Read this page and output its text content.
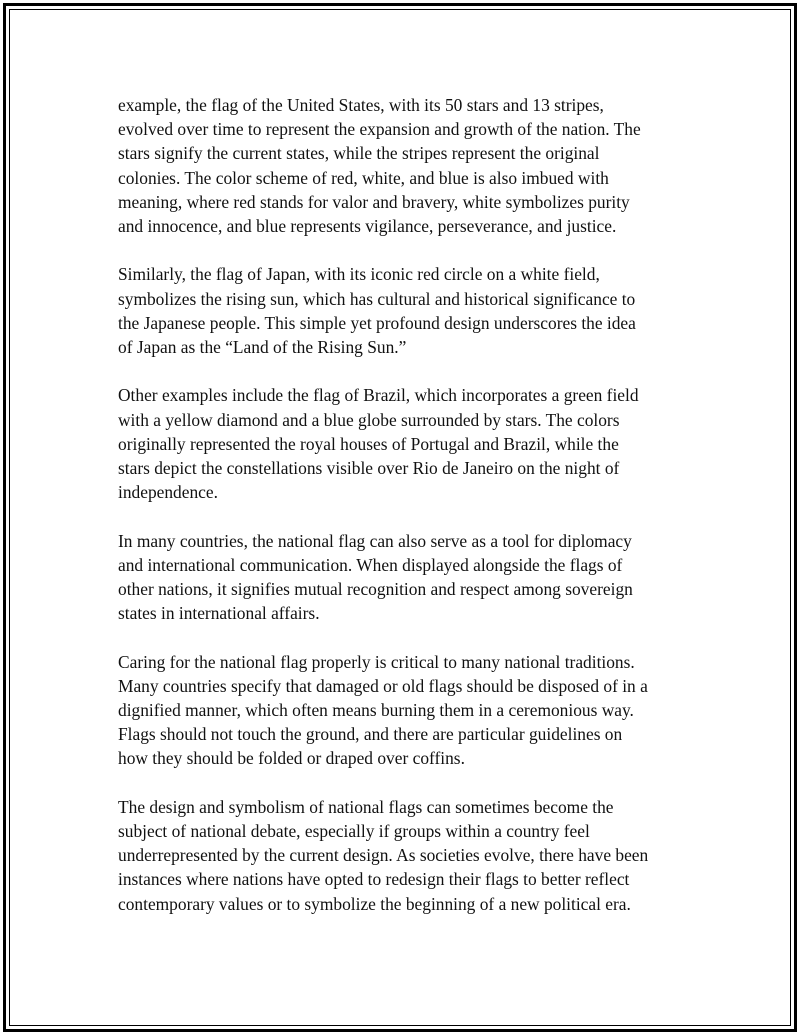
example, the flag of the United States, with its 50 stars and 13 stripes,
evolved over time to represent the expansion and growth of the nation. The
stars signify the current states, while the stripes represent the original
colonies. The color scheme of red, white, and blue is also imbued with
meaning, where red stands for valor and bravery, white symbolizes purity
and innocence, and blue represents vigilance, perseverance, and justice.

Similarly, the flag of Japan, with its iconic red circle on a white field,
symbolizes the rising sun, which has cultural and historical significance to
the Japanese people. This simple yet profound design underscores the idea
of Japan as the “Land of the Rising Sun.”

Other examples include the flag of Brazil, which incorporates a green field
with a yellow diamond and a blue globe surrounded by stars. The colors
originally represented the royal houses of Portugal and Brazil, while the
stars depict the constellations visible over Rio de Janeiro on the night of
independence.

In many countries, the national flag can also serve as a tool for diplomacy
and international communication. When displayed alongside the flags of
other nations, it signifies mutual recognition and respect among sovereign
states in international affairs.

Caring for the national flag properly is critical to many national traditions.
Many countries specify that damaged or old flags should be disposed of in a
dignified manner, which often means burning them in a ceremonious way.
Flags should not touch the ground, and there are particular guidelines on
how they should be folded or draped over coffins.

The design and symbolism of national flags can sometimes become the
subject of national debate, especially if groups within a country feel
underrepresented by the current design. As societies evolve, there have been
instances where nations have opted to redesign their flags to better reflect
contemporary values or to symbolize the beginning of a new political era.
